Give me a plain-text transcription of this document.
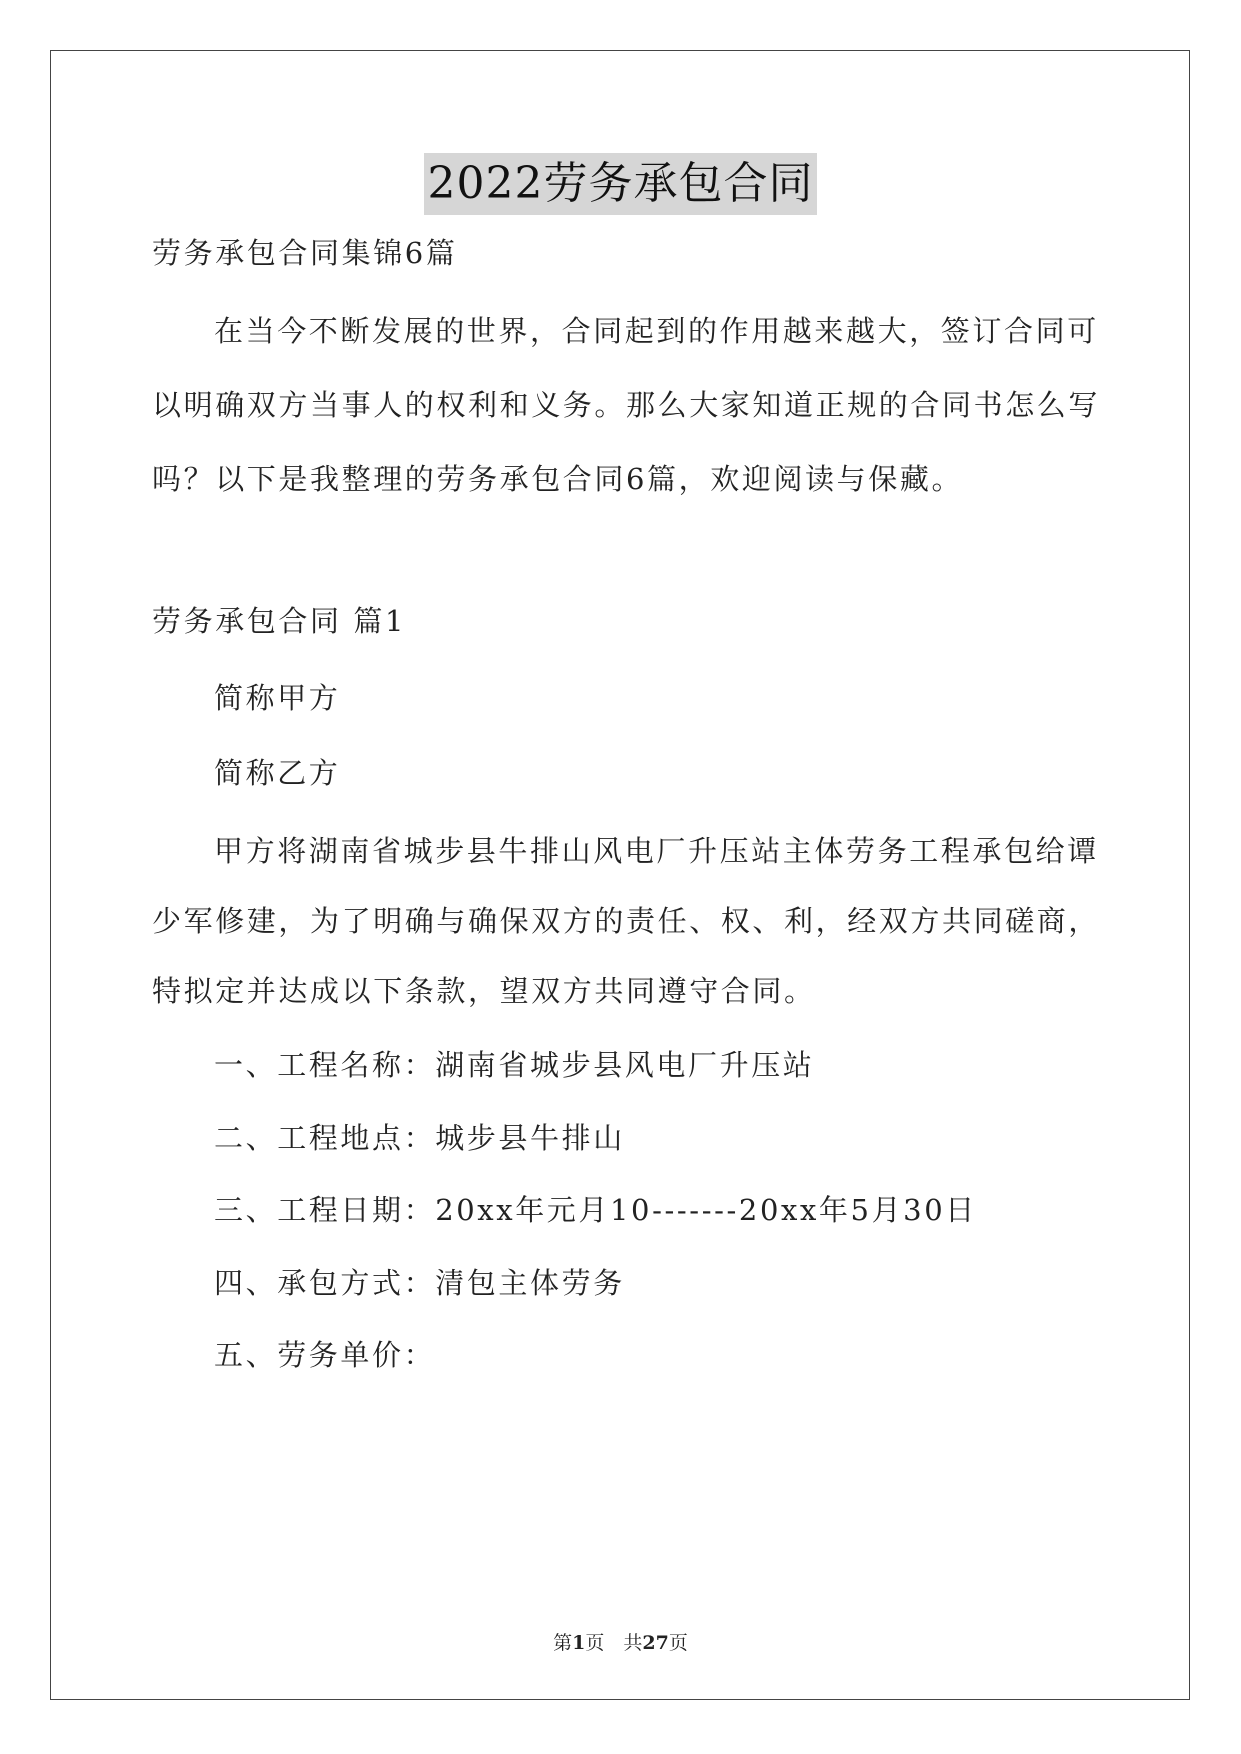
2022劳务承包合同
劳务承包合同集锦6篇
在当今不断发展的世界，合同起到的作用越来越大，签订合同可
以明确双方当事人的权利和义务。那么大家知道正规的合同书怎么写
吗？以下是我整理的劳务承包合同6篇，欢迎阅读与保藏。
劳务承包合同 篇1
简称甲方
简称乙方
甲方将湖南省城步县牛排山风电厂升压站主体劳务工程承包给谭
少军修建，为了明确与确保双方的责任、权、利，经双方共同磋商，
特拟定并达成以下条款，望双方共同遵守合同。
一、工程名称：湖南省城步县风电厂升压站
二、工程地点：城步县牛排山
三、工程日期：20xx年元月10-------20xx年5月30日
四、承包方式：清包主体劳务
五、劳务单价：
第1页　共27页
